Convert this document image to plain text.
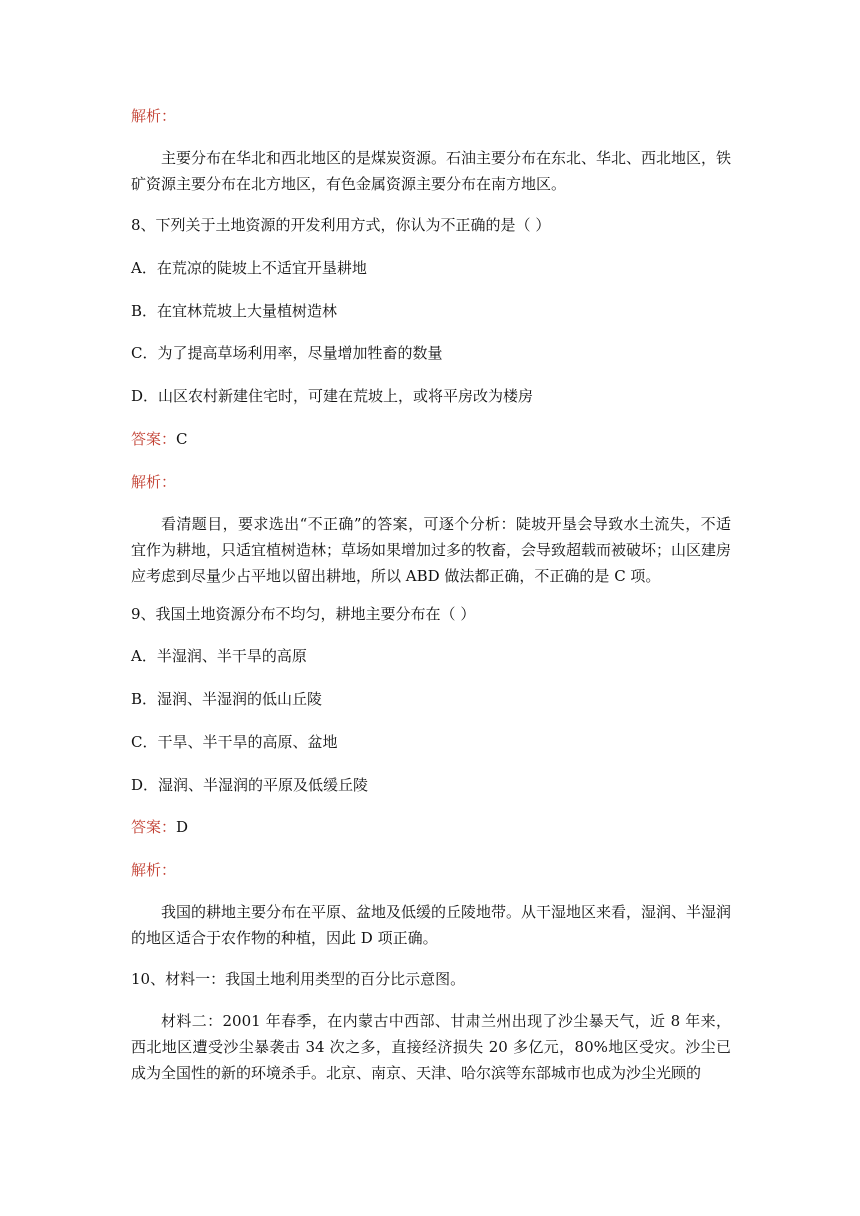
解析：

主要分布在华北和西北地区的是煤炭资源。石油主要分布在东北、华北、西北地区，铁矿资源主要分布在北方地区，有色金属资源主要分布在南方地区。

8、下列关于土地资源的开发利用方式，你认为不正确的是（ ）

A．在荒凉的陡坡上不适宜开垦耕地

B．在宜林荒坡上大量植树造林

C．为了提高草场利用率，尽量增加牲畜的数量

D．山区农村新建住宅时，可建在荒坡上，或将平房改为楼房

答案：C

解析：

看清题目，要求选出“不正确”的答案，可逐个分析：陡坡开垦会导致水土流失，不适宜作为耕地，只适宜植树造林；草场如果增加过多的牧畜，会导致超载而被破坏；山区建房应考虑到尽量少占平地以留出耕地，所以 ABD 做法都正确，不正确的是 C 项。

9、我国土地资源分布不均匀，耕地主要分布在（ ）

A．半湿润、半干旱的高原

B．湿润、半湿润的低山丘陵

C．干旱、半干旱的高原、盆地

D．湿润、半湿润的平原及低缓丘陵

答案：D

解析：

我国的耕地主要分布在平原、盆地及低缓的丘陵地带。从干湿地区来看，湿润、半湿润的地区适合于农作物的种植，因此 D 项正确。

10、材料一：我国土地利用类型的百分比示意图。

材料二：2001 年春季，在内蒙古中西部、甘肃兰州出现了沙尘暴天气，近 8 年来，西北地区遭受沙尘暴袭击 34 次之多，直接经济损失 20 多亿元，80%地区受灾。沙尘已成为全国性的新的环境杀手。北京、南京、天津、哈尔滨等东部城市也成为沙尘光顾的
